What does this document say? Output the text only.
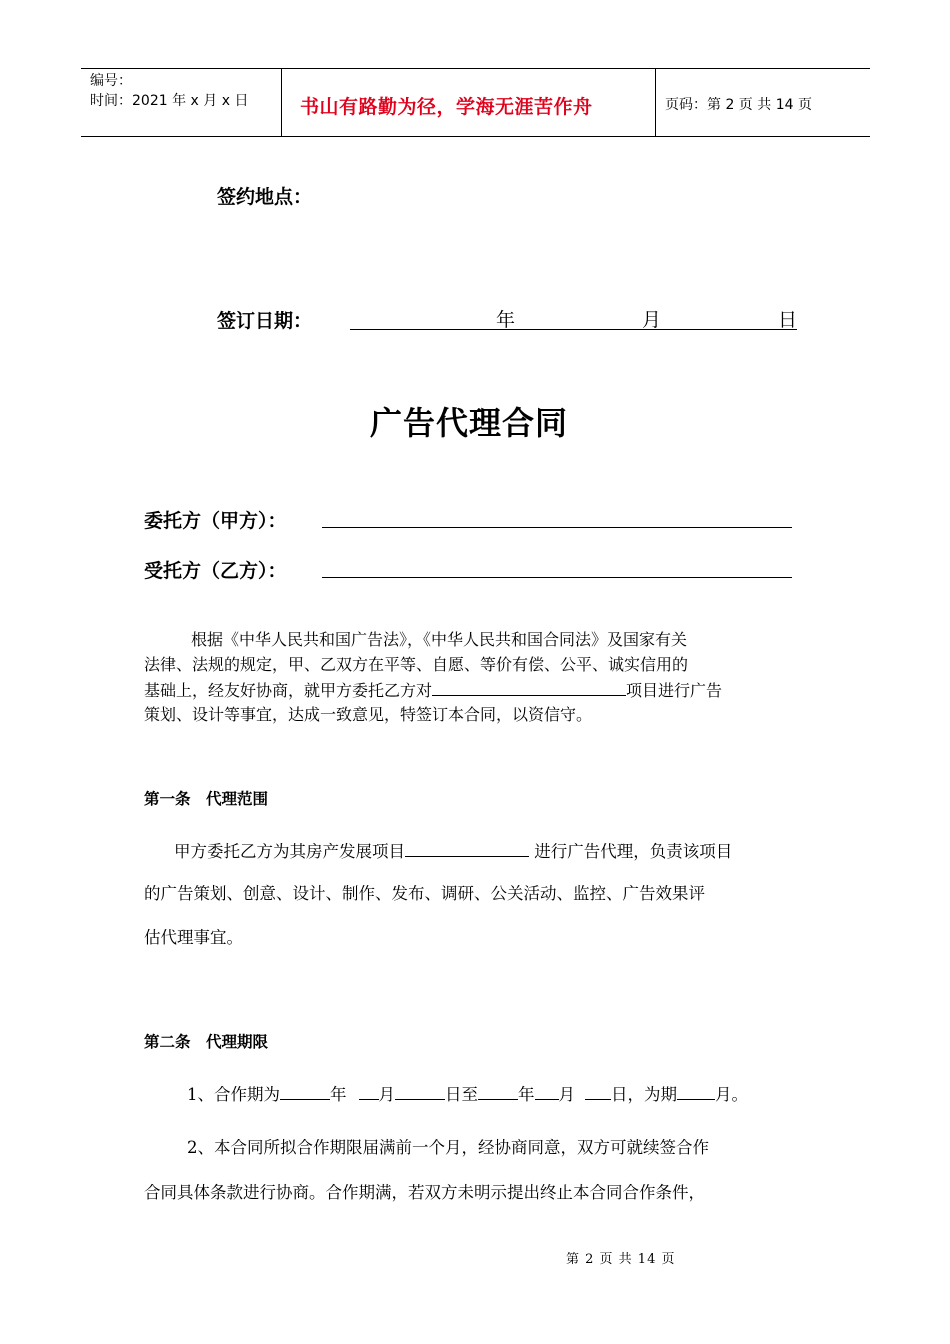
编号：
时间：2021 年 x 月 x 日	书山有路勤为径，学海无涯苦作舟	页码：第 2 页 共 14 页
签约地点：
签订日期：	年	月	日
广告代理合同
委托方（甲方）：
受托方（乙方）：
根据《中华人民共和国广告法》，《中华人民共和国合同法》及国家有关
法律、法规的规定，甲、乙双方在平等、自愿、等价有偿、公平、诚实信用的
基础上，经友好协商，就甲方委托乙方对	项目进行广告
策划、设计等事宜，达成一致意见，特签订本合同，以资信守。
第一条　代理范围
甲方委托乙方为其房产发展项目	进行广告代理，负责该项目
的广告策划、创意、设计、制作、发布、调研、公关活动、监控、广告效果评
估代理事宜。
第二条　代理期限
1、合作期为	年 月	日至 年 月 日，为期 月。
2、本合同所拟合作期限届满前一个月，经协商同意，双方可就续签合作
合同具体条款进行协商。合作期满，若双方未明示提出终止本合同合作条件，
第 2 页 共 14 页
